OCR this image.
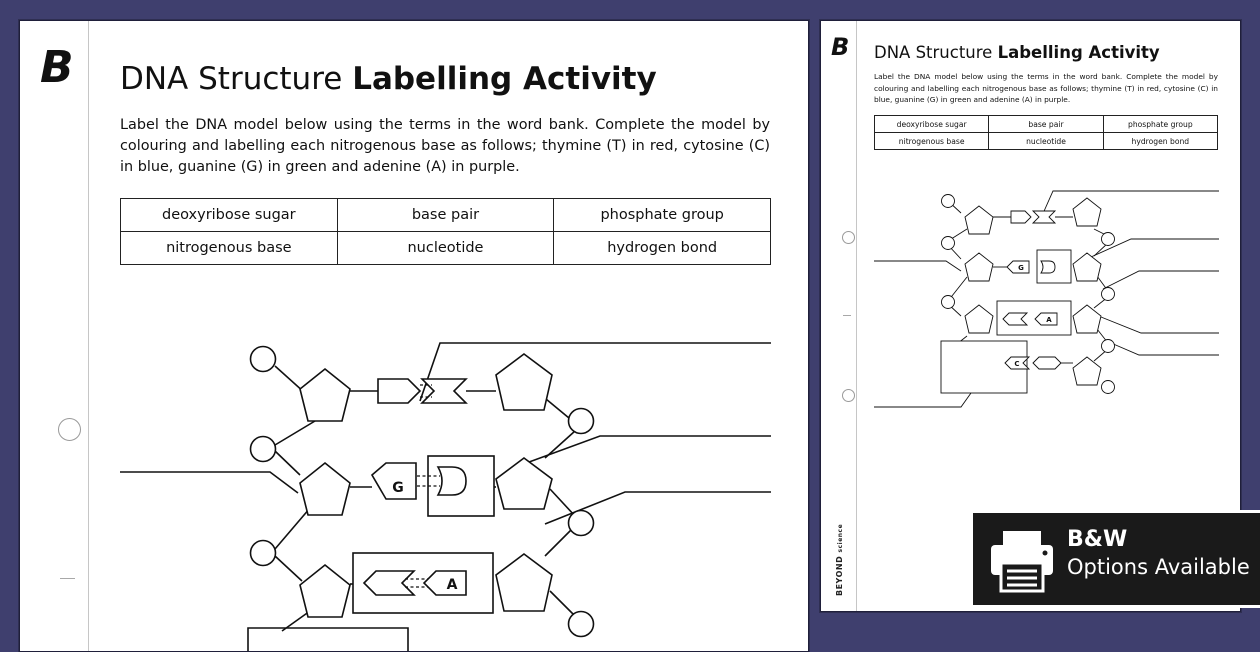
B DNA Structure Labelling Activity
Label the DNA model below using the terms in the word bank. Complete the model by colouring and labelling each nitrogenous base as follows; thymine (T) in red, cytosine (C) in blue, guanine (G) in green and adenine (A) in purple.
deoxyribose sugar	base pair	phosphate group
nitrogenous base	nucleotide	hydrogen bond
G
A
B DNA Structure Labelling Activity
Label the DNA model below using the terms in the word bank. Complete the model by colouring and labelling each nitrogenous base as follows; thymine (T) in red, cytosine (C) in blue, guanine (G) in green and adenine (A) in purple.
deoxyribose sugar	base pair	phosphate group
nitrogenous base	nucleotide	hydrogen bond
G
A
C
BEYOND science	B&W
Options Available
